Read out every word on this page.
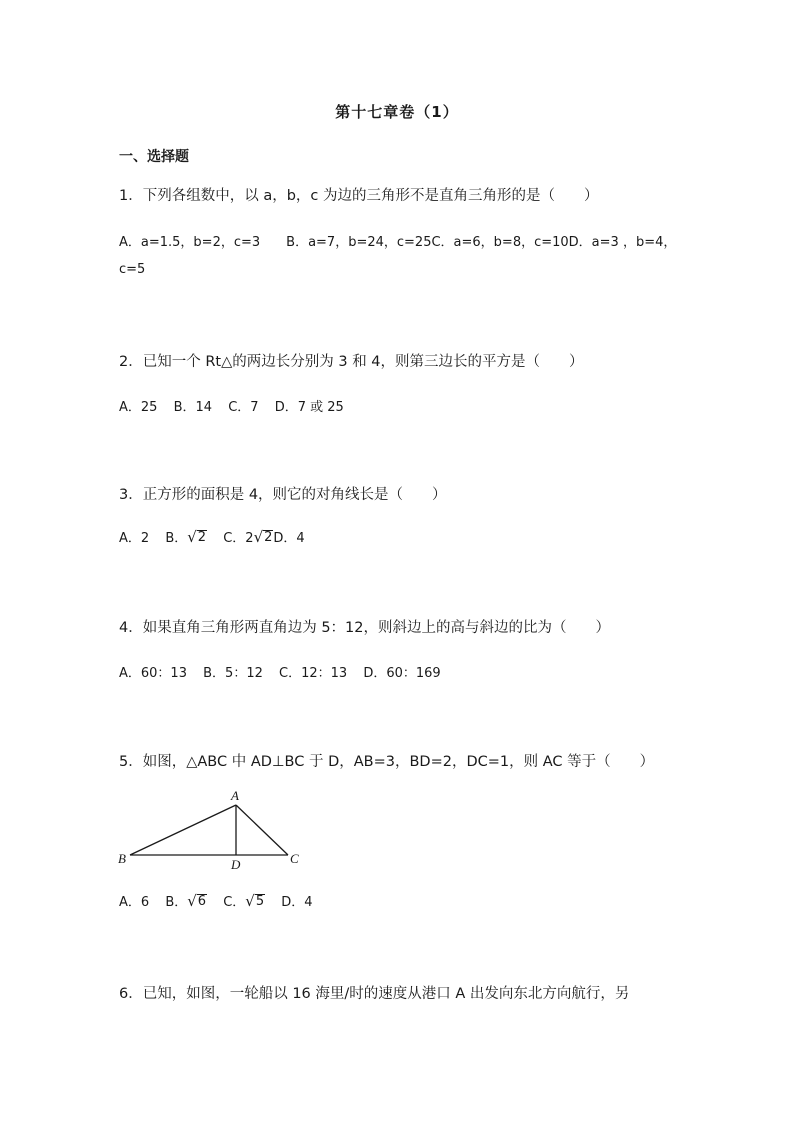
第十七章卷（1）
一、选择题
1．下列各组数中，以 a，b，c 为边的三角形不是直角三角形的是（　　）
A．a=1.5，b=2，c=3　　B．a=7，b=24，c=25C．a=6，b=8，c=10D．a=3 ，b=4，
c=5
2．已知一个 Rt△的两边长分别为 3 和 4，则第三边长的平方是（　　）
A．25 B．14 C．7 D．7 或 25
3．正方形的面积是 4，则它的对角线长是（　　）
A．2 B． √ 2 C．2 √ 2 D．4
4．如果直角三角形两直角边为 5：12，则斜边上的高与斜边的比为（　　）
A．60：13 B．5：12 C．12：13 D．60：169
5．如图，△ABC 中 AD⊥BC 于 D，AB=3，BD=2，DC=1，则 AC 等于（　　）
A
B	C
D
A．6 B． √ 6 C． √ 5 D．4
6．已知，如图，一轮船以 16 海里/时的速度从港口 A 出发向东北方向航行，另
